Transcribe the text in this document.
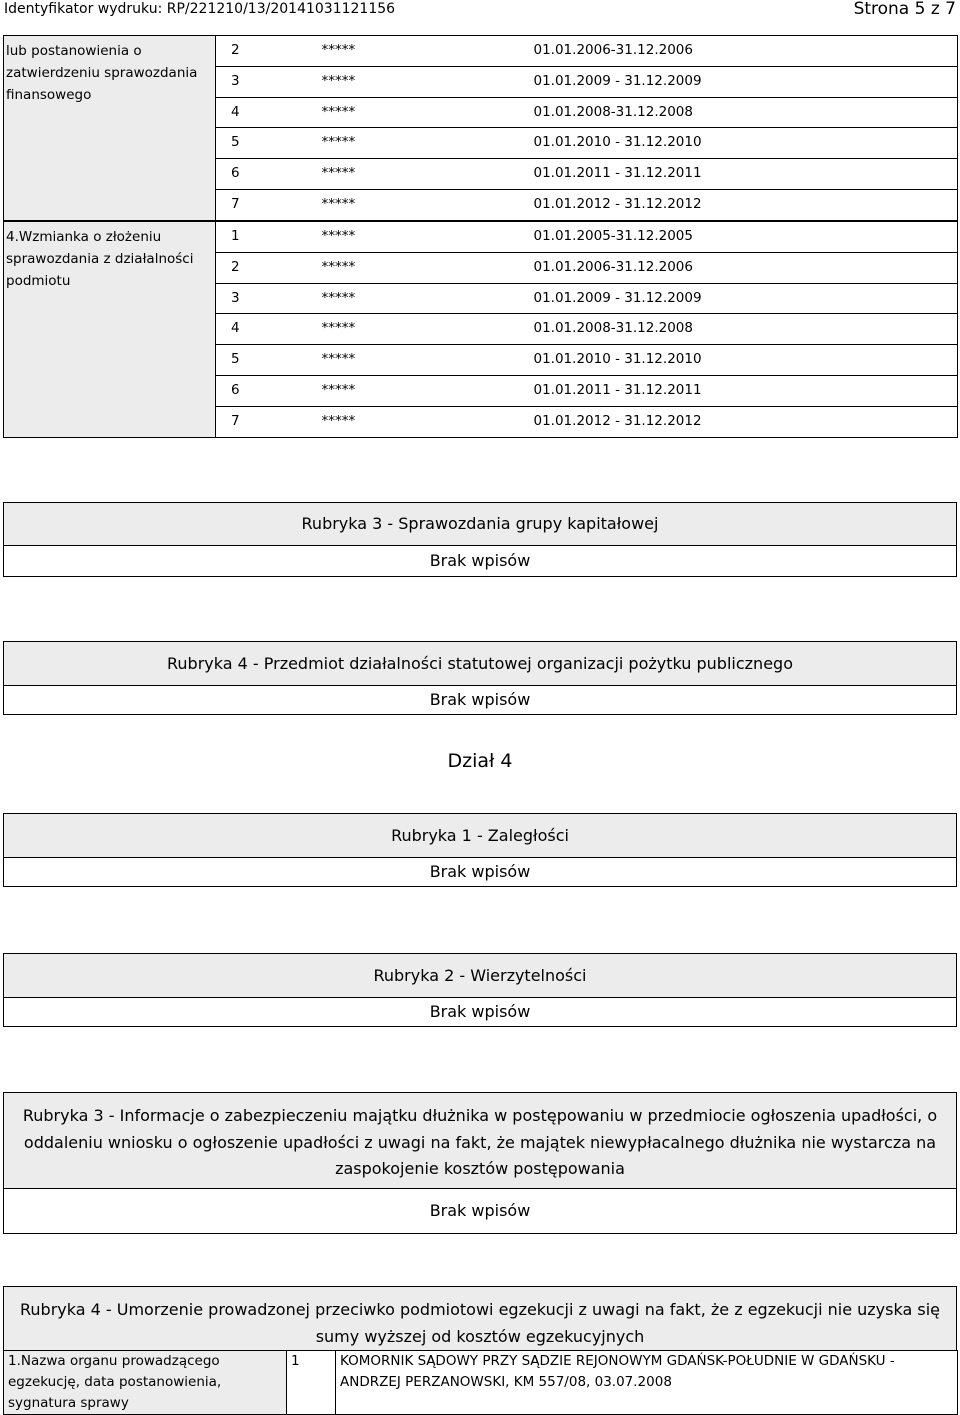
Identyfikator wydruku: RP/221210/13/20141031121156	Strona 5 z 7
lub postanowienia o zatwierdzeniu sprawozdania finansowego	2	*****	01.01.2006-31.12.2006
	3	*****	01.01.2009 - 31.12.2009
	4	*****	01.01.2008-31.12.2008
	5	*****	01.01.2010 - 31.12.2010
	6	*****	01.01.2011 - 31.12.2011
	7	*****	01.01.2012 - 31.12.2012
4.Wzmianka o złożeniu sprawozdania z działalności podmiotu	1	*****	01.01.2005-31.12.2005
	2	*****	01.01.2006-31.12.2006
	3	*****	01.01.2009 - 31.12.2009
	4	*****	01.01.2008-31.12.2008
	5	*****	01.01.2010 - 31.12.2010
	6	*****	01.01.2011 - 31.12.2011
	7	*****	01.01.2012 - 31.12.2012
Rubryka 3 - Sprawozdania grupy kapitałowej
Brak wpisów
Rubryka 4 - Przedmiot działalności statutowej organizacji pożytku publicznego
Brak wpisów
Dział 4
Rubryka 1 - Zaległości
Brak wpisów
Rubryka 2 - Wierzytelności
Brak wpisów
Rubryka 3 - Informacje o zabezpieczeniu majątku dłużnika w postępowaniu w przedmiocie ogłoszenia upadłości, o oddaleniu wniosku o ogłoszenie upadłości z uwagi na fakt, że majątek niewypłacalnego dłużnika nie wystarcza na zaspokojenie kosztów postępowania
Brak wpisów
Rubryka 4 - Umorzenie prowadzonej przeciwko podmiotowi egzekucji z uwagi na fakt, że z egzekucji nie uzyska się sumy wyższej od kosztów egzekucyjnych
1.Nazwa organu prowadzącego egzekucję, data postanowienia, sygnatura sprawy	1	KOMORNIK SĄDOWY PRZY SĄDZIE REJONOWYM GDAŃSK-POŁUDNIE W GDAŃSKU - ANDRZEJ PERZANOWSKI, KM 557/08, 03.07.2008
